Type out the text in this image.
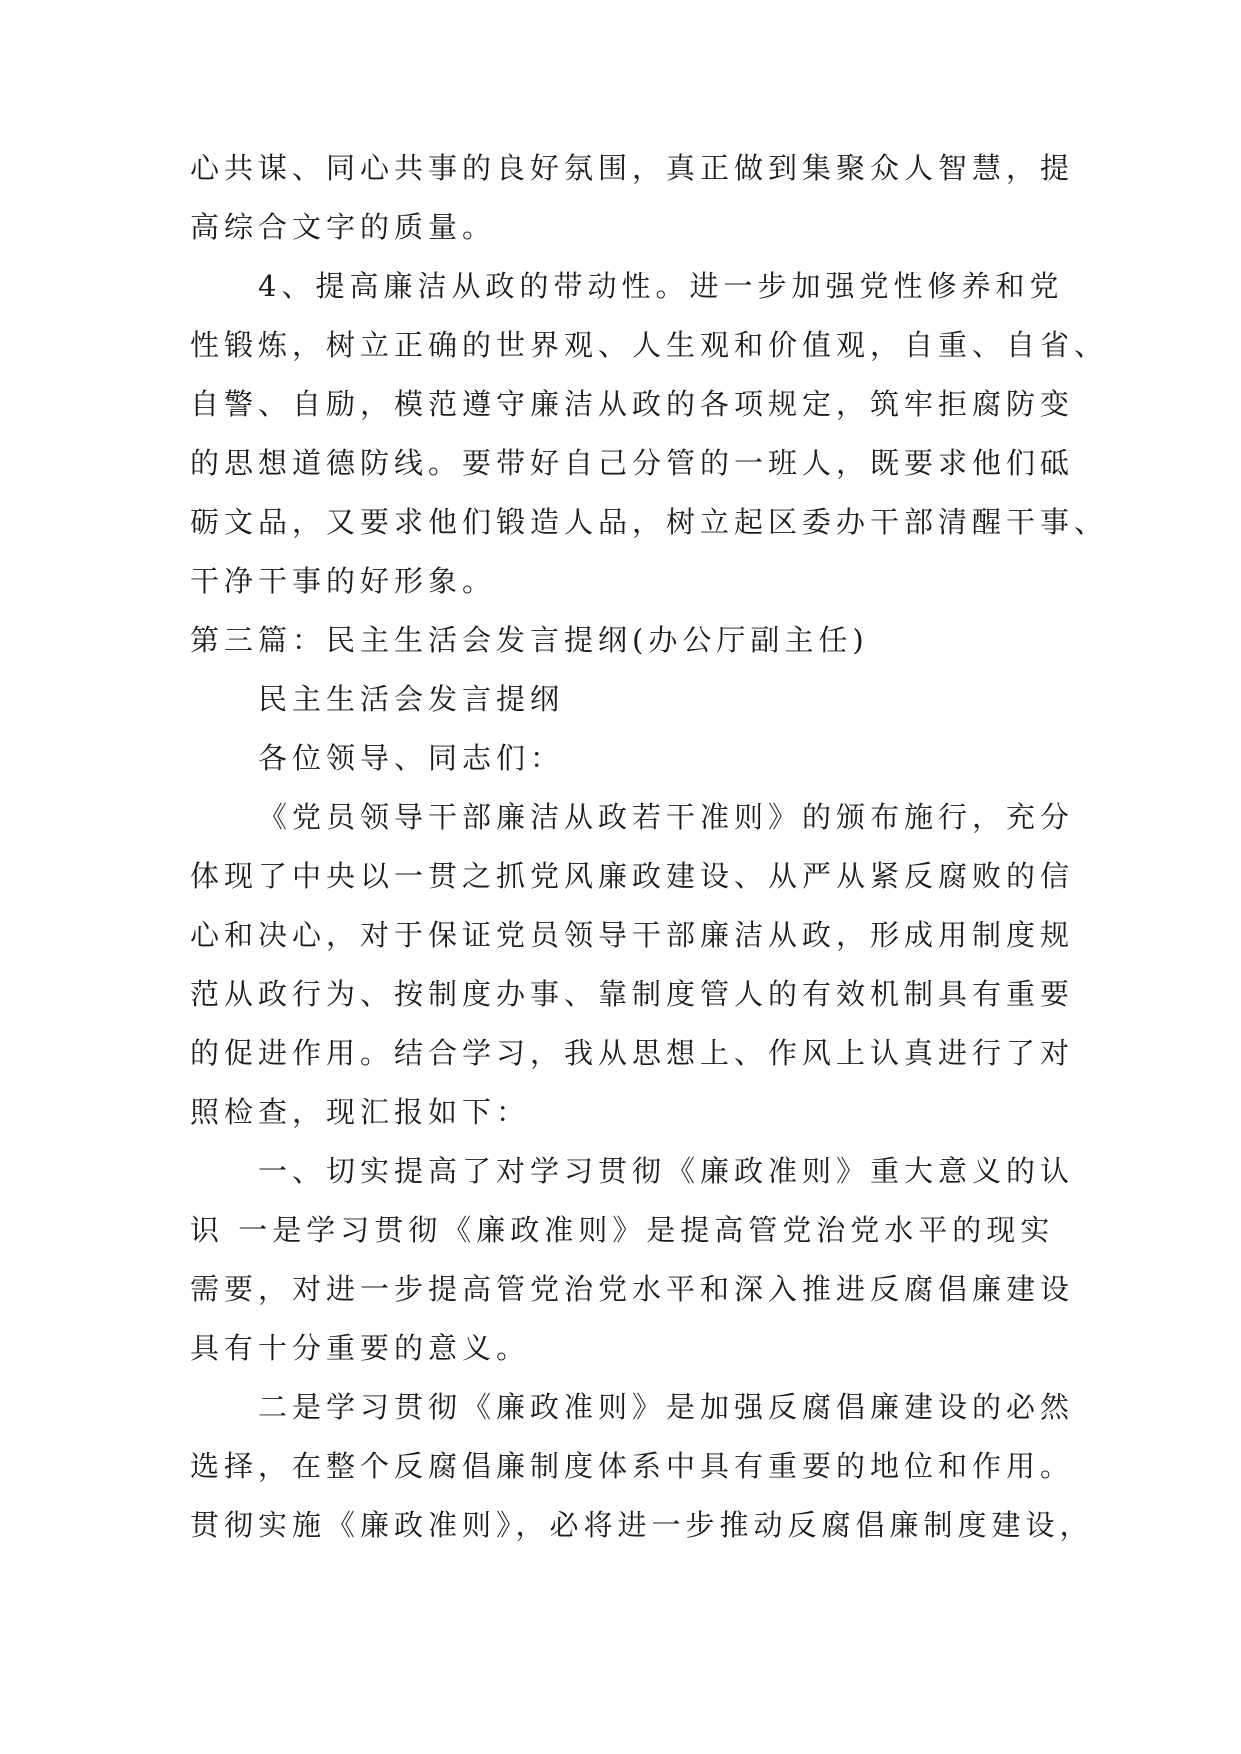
心共谋、同心共事的良好氛围，真正做到集聚众人智慧，提
高综合文字的质量。
4、提高廉洁从政的带动性。进一步加强党性修养和党
性锻炼，树立正确的世界观、人生观和价值观，自重、自省、
自警、自励，模范遵守廉洁从政的各项规定，筑牢拒腐防变
的思想道德防线。要带好自己分管的一班人，既要求他们砥
砺文品，又要求他们锻造人品，树立起区委办干部清醒干事、
干净干事的好形象。
第三篇：民主生活会发言提纲(办公厅副主任)
民主生活会发言提纲
各位领导、同志们：
《党员领导干部廉洁从政若干准则》的颁布施行，充分
体现了中央以一贯之抓党风廉政建设、从严从紧反腐败的信
心和决心，对于保证党员领导干部廉洁从政，形成用制度规
范从政行为、按制度办事、靠制度管人的有效机制具有重要
的促进作用。结合学习，我从思想上、作风上认真进行了对
照检查，现汇报如下：
一、切实提高了对学习贯彻《廉政准则》重大意义的认
识 一是学习贯彻《廉政准则》是提高管党治党水平的现实
需要，对进一步提高管党治党水平和深入推进反腐倡廉建设
具有十分重要的意义。
二是学习贯彻《廉政准则》是加强反腐倡廉建设的必然
选择，在整个反腐倡廉制度体系中具有重要的地位和作用。
贯彻实施《廉政准则》，必将进一步推动反腐倡廉制度建设，
